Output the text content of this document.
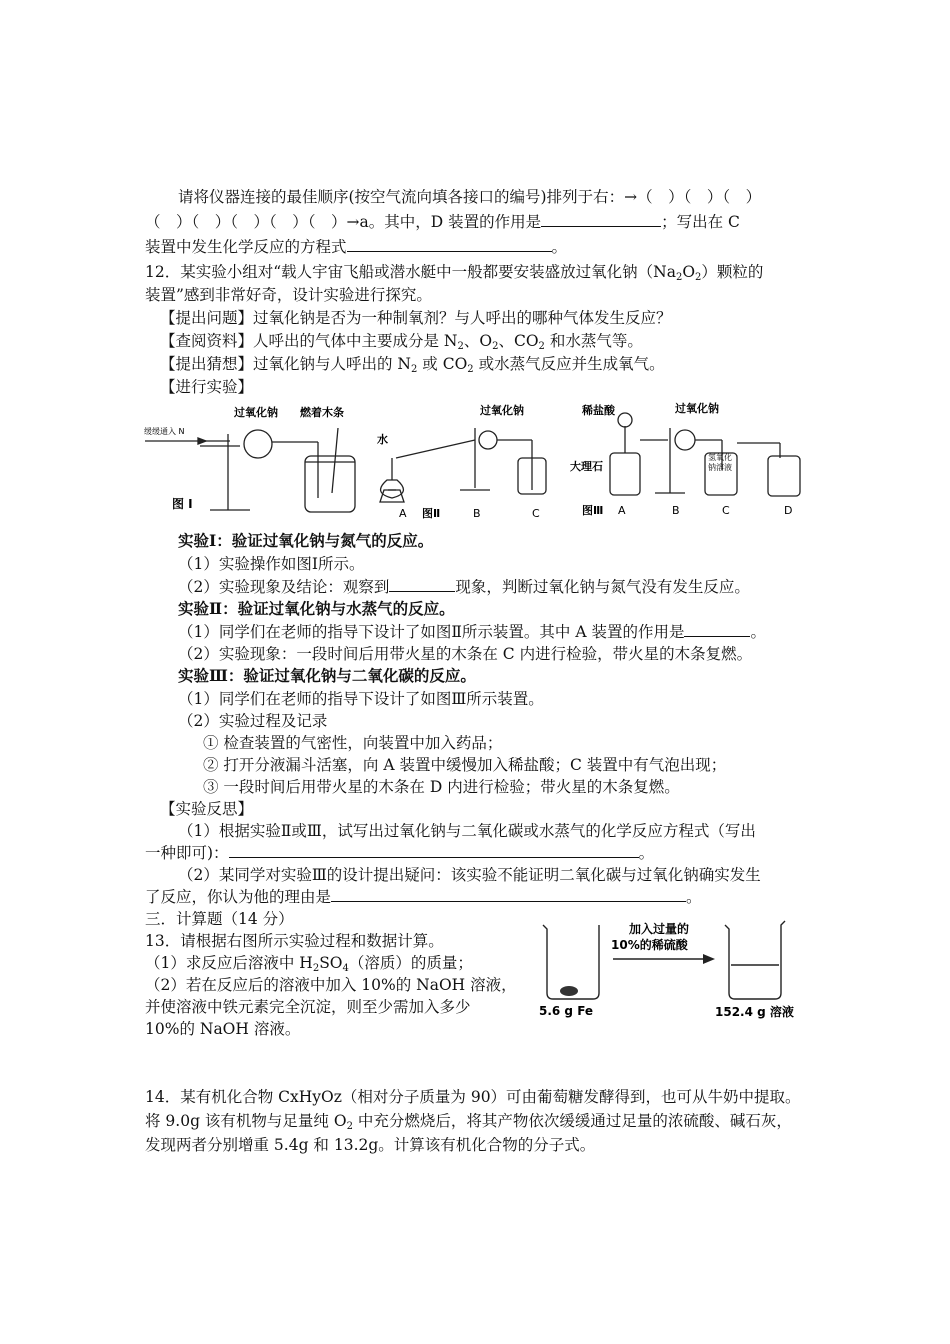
请将仪器连接的最佳顺序(按空气流向填各接口的编号)排列于右：→（　）（　）（　）
（　）（　）（　）（　）（　）→a。其中，D 装置的作用是	；写出在 C
装置中发生化学反应的方程式	。
12．某实验小组对“载人宇宙飞船或潜水艇中一般都要安装盛放过氧化钠$(Na_2O_2)$颗粒的
装置”感到非常好奇，设计实验进行探究。
【提出问题】过氧化钠是否为一种制氧剂？与人呼出的哪种气体发生反应？
【查阅资料】人呼出的气体中主要成分是 $N_2$、$O_2$、$CO_2$ 和水蒸气等。
【提出猜想】过氧化钠与人呼出的 $N_2$ 或 $CO_2$ 或水蒸气反应并生成氧气。
【进行实验】
图 I
过氧化钠 燃着木条
缓缓通入 N
水
过氧化钠
A 图Ⅱ	B	C
稀盐酸	过氧化钠
大理石
氢氧化
钠溶液
图Ⅲ A	B	C	D
实验Ⅰ：验证过氧化钠与氮气的反应。
（1）实验操作如图Ⅰ所示。
（2）实验现象及结论：观察到	现象，判断过氧化钠与氮气没有发生反应。
实验Ⅱ：验证过氧化钠与水蒸气的反应。
（1）同学们在老师的指导下设计了如图Ⅱ所示装置。其中 A 装置的作用是	。
（2）实验现象：一段时间后用带火星的木条在 C 内进行检验，带火星的木条复燃。
实验Ⅲ：验证过氧化钠与二氧化碳的反应。
（1）同学们在老师的指导下设计了如图Ⅲ所示装置。
（2）实验过程及记录
① 检查装置的气密性，向装置中加入药品；
② 打开分液漏斗活塞，向 A 装置中缓慢加入稀盐酸；C 装置中有气泡出现；
③ 一段时间后用带火星的木条在 D 内进行检验；带火星的木条复燃。
【实验反思】
（1）根据实验Ⅱ或Ⅲ，试写出过氧化钠与二氧化碳或水蒸气的化学反应方程式（写出
一种即可)：	。
（2）某同学对实验Ⅲ的设计提出疑问：该实验不能证明二氧化碳与过氧化钠确实发生
了反应，你认为他的理由是	。
三．计算题（14 分）
13．请根据右图所示实验过程和数据计算。
（1）求反应后溶液中 $H_2SO_4$（溶质）的质量；
（2）若在反应后的溶液中加入 10%的 NaOH 溶液，
并使溶液中铁元素完全沉淀，则至少需加入多少
10%的 NaOH 溶液。
加入过量的
10%的稀硫酸
5.6 g Fe	152.4 g 溶液
14．某有机化合物 CxHyOz（相对分子质量为 90）可由葡萄糖发酵得到，也可从牛奶中提取。
将 9.0g 该有机物与足量纯 $O_2$ 中充分燃烧后，将其产物依次缓缓通过足量的浓硫酸、碱石灰，
发现两者分别增重 5.4g 和 13.2g。计算该有机化合物的分子式。
